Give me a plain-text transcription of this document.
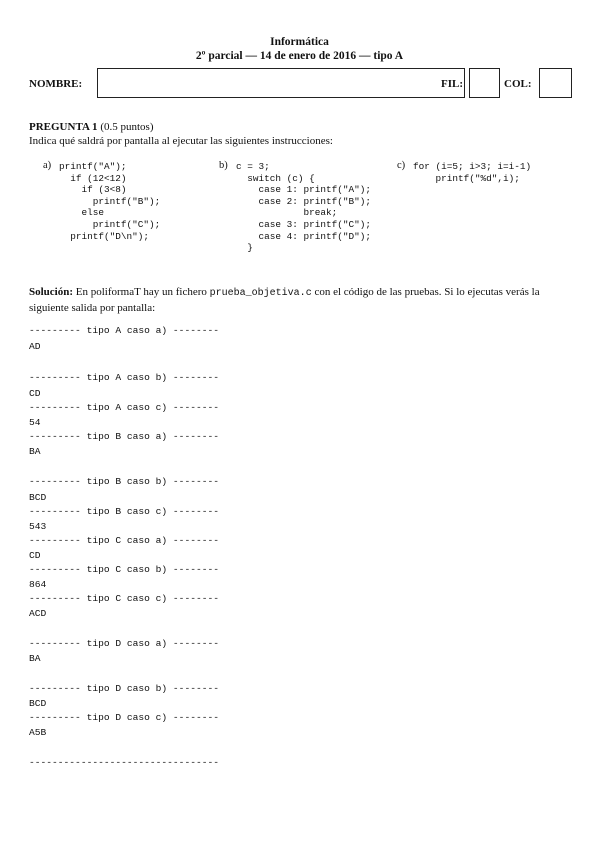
Informática
2º parcial — 14 de enero de 2016 — tipo A
NOMBRE:	FIL:	COL:
PREGUNTA 1 (0.5 puntos)
Indica qué saldrá por pantalla al ejecutar las siguientes instrucciones:
a) printf("A");
if (12<12)
if (3<8)
printf("B");
else
printf("C");
printf("D\n");
b) c = 3;
switch (c) {
case 1: printf("A");
case 2: printf("B");
break;
case 3: printf("C");
case 4: printf("D");
}
c) for (i=5; i>3; i=i-1)
printf("%d",i);
Solución: En poliformaT hay un fichero prueba_objetiva.c con el código de las pruebas. Si lo ejecutas verás la siguiente salida por pantalla:
--------- tipo A caso a) --------
AD
--------- tipo A caso b) --------
CD
--------- tipo A caso c) --------
54
--------- tipo B caso a) --------
BA
--------- tipo B caso b) --------
BCD
--------- tipo B caso c) --------
543
--------- tipo C caso a) --------
CD
--------- tipo C caso b) --------
864
--------- tipo C caso c) --------
ACD
--------- tipo D caso a) --------
BA
--------- tipo D caso b) --------
BCD
--------- tipo D caso c) --------
A5B
---------------------------------
